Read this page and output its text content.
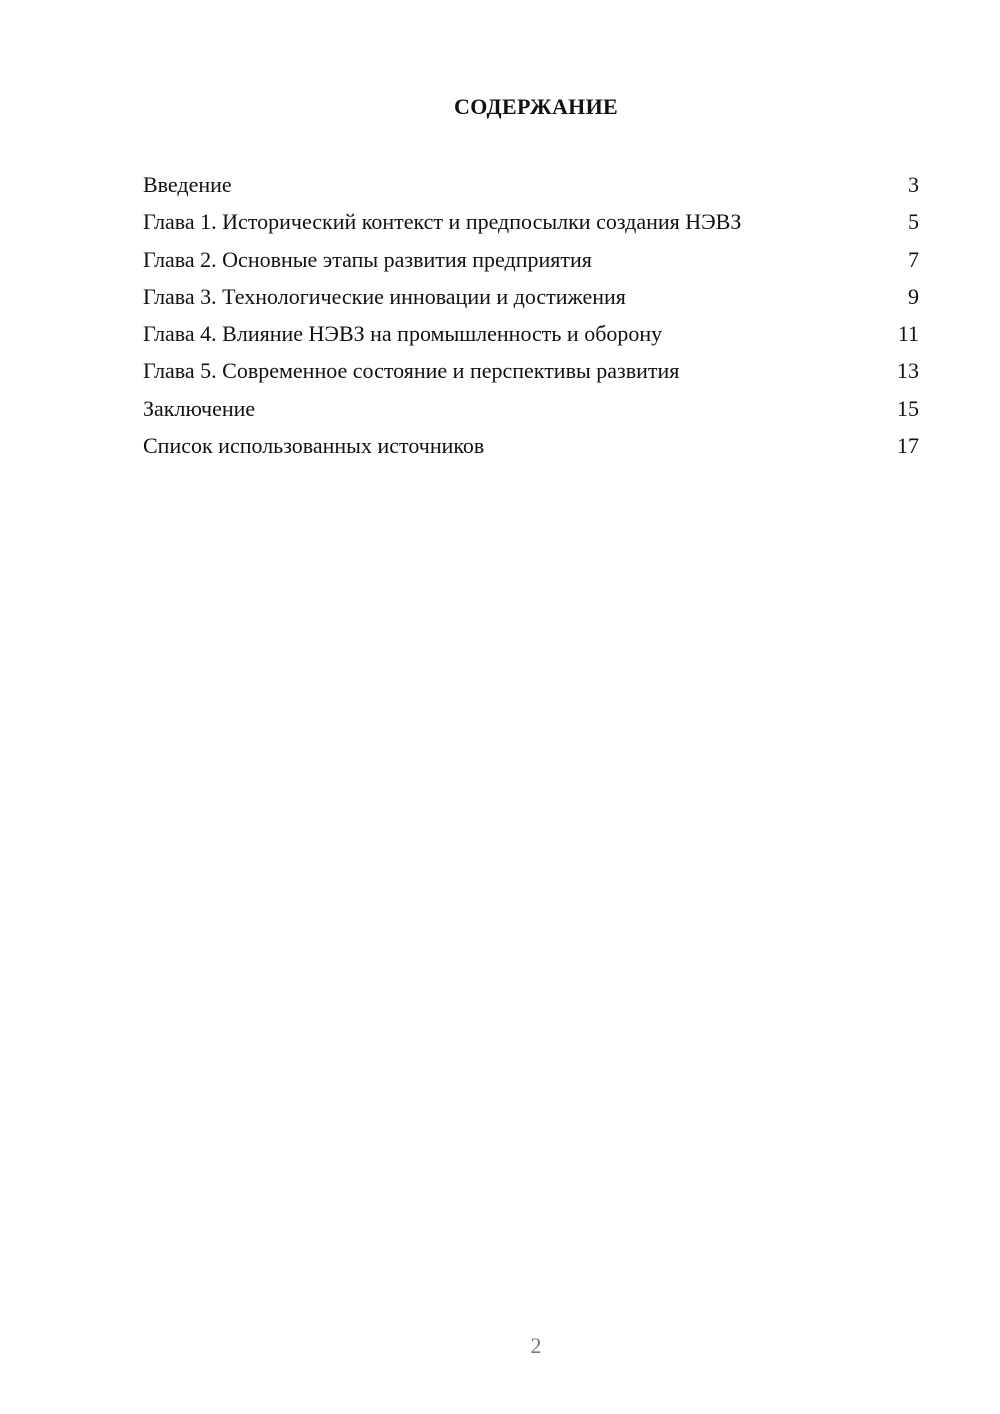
СОДЕРЖАНИЕ
Введение	3
Глава 1. Исторический контекст и предпосылки создания НЭВЗ	5
Глава 2. Основные этапы развития предприятия	7
Глава 3. Технологические инновации и достижения	9
Глава 4. Влияние НЭВЗ на промышленность и оборону	11
Глава 5. Современное состояние и перспективы развития	13
Заключение	15
Список использованных источников	17
2
